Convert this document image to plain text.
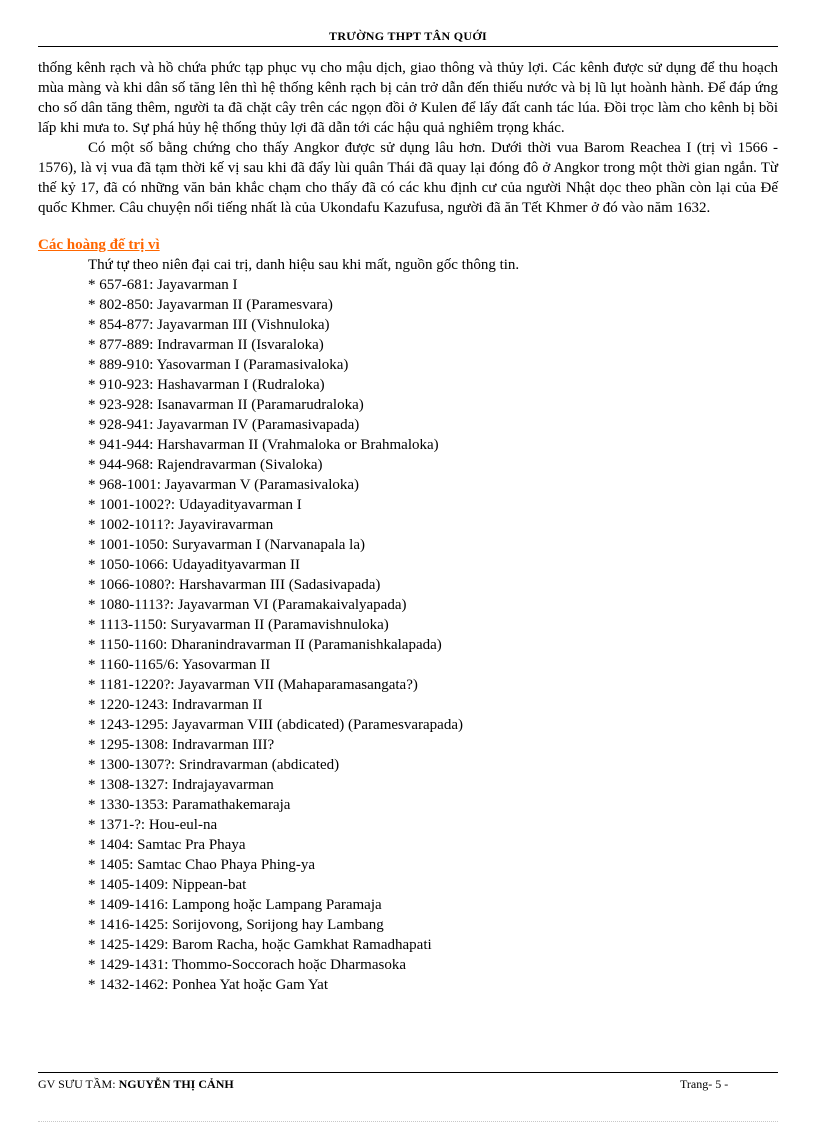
TRƯỜNG THPT TÂN QUỚI

thống kênh rạch và hồ chứa phức tạp phục vụ cho mậu dịch, giao thông và thủy lợi. Các kênh được sử dụng để thu hoạch mùa màng và khi dân số tăng lên thì hệ thống kênh rạch bị cản trở dẫn đến thiếu nước và bị lũ lụt hoành hành. Để đáp ứng cho số dân tăng thêm, người ta đã chặt cây trên các ngọn đồi ở Kulen để lấy đất canh tác lúa. Đồi trọc làm cho kênh bị bồi lấp khi mưa to. Sự phá hủy hệ thống thủy lợi đã dẫn tới các hậu quả nghiêm trọng khác.

Có một số bằng chứng cho thấy Angkor được sử dụng lâu hơn. Dưới thời vua Barom Reachea I (trị vì 1566 - 1576), là vị vua đã tạm thời kế vị sau khi đã đẩy lùi quân Thái đã quay lại đóng đô ở Angkor trong một thời gian ngắn. Từ thế kỷ 17, đã có những văn bản khắc chạm cho thấy đã có các khu định cư của người Nhật dọc theo phần còn lại của Đế quốc Khmer. Câu chuyện nổi tiếng nhất là của Ukondafu Kazufusa, người đã ăn Tết Khmer ở đó vào năm 1632.

Các hoàng đế trị vì
Thứ tự theo niên đại cai trị, danh hiệu sau khi mất, nguồn gốc thông tin.
* 657-681: Jayavarman I
* 802-850: Jayavarman II (Paramesvara)
* 854-877: Jayavarman III (Vishnuloka)
* 877-889: Indravarman II (Isvaraloka)
* 889-910: Yasovarman I (Paramasivaloka)
* 910-923: Hashavarman I (Rudraloka)
* 923-928: Isanavarman II (Paramarudraloka)
* 928-941: Jayavarman IV (Paramasivapada)
* 941-944: Harshavarman II (Vrahmaloka or Brahmaloka)
* 944-968: Rajendravarman (Sivaloka)
* 968-1001: Jayavarman V (Paramasivaloka)
* 1001-1002?: Udayadityavarman I
* 1002-1011?: Jayaviravarman
* 1001-1050: Suryavarman I (Narvanapala la)
* 1050-1066: Udayadityavarman II
* 1066-1080?: Harshavarman III (Sadasivapada)
* 1080-1113?: Jayavarman VI (Paramakaivalyapada)
* 1113-1150: Suryavarman II (Paramavishnuloka)
* 1150-1160: Dharanindravarman II (Paramanishkalapada)
* 1160-1165/6: Yasovarman II
* 1181-1220?: Jayavarman VII (Mahaparamasangata?)
* 1220-1243: Indravarman II
* 1243-1295: Jayavarman VIII (abdicated) (Paramesvarapada)
* 1295-1308: Indravarman III?
* 1300-1307?: Srindravarman (abdicated)
* 1308-1327: Indrajayavarman
* 1330-1353: Paramathakemaraja
* 1371-?: Hou-eul-na
* 1404: Samtac Pra Phaya
* 1405: Samtac Chao Phaya Phing-ya
* 1405-1409: Nippean-bat
* 1409-1416: Lampong hoặc Lampang Paramaja
* 1416-1425: Sorijovong, Sorijong hay Lambang
* 1425-1429: Barom Racha, hoặc Gamkhat Ramadhapati
* 1429-1431: Thommo-Soccorach hoặc Dharmasoka
* 1432-1462: Ponhea Yat hoặc Gam Yat
GV SƯU TẦM: NGUYỄN THỊ CẢNH	Trang- 5 -
